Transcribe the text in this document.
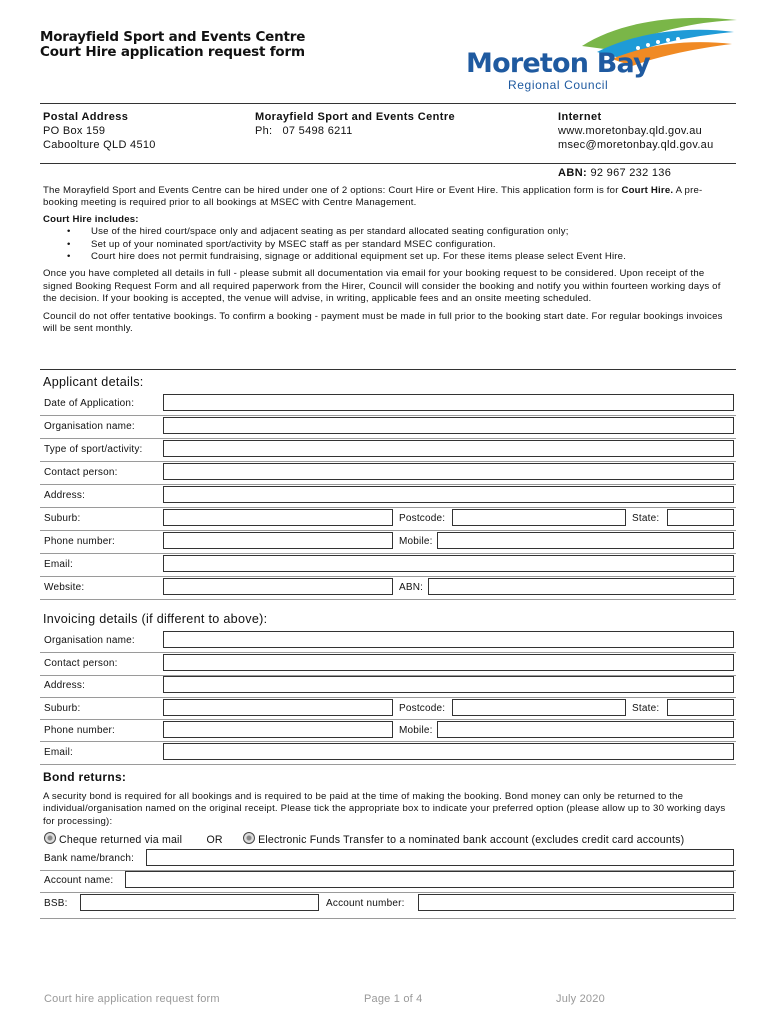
Morayfield Sport and Events Centre
Court Hire application request form	Moreton Bay
Regional Council
Postal Address
PO Box 159
Caboolture QLD 4510
Morayfield Sport and Events Centre
Ph:   07 5498 6211
Internet
www.moretonbay.qld.gov.au
msec@moretonbay.qld.gov.au
ABN: 92 967 232 136
The Morayfield Sport and Events Centre can be hired under one of 2 options: Court Hire or Event Hire. This application form is for Court Hire. A pre-booking meeting is required prior to all bookings at MSEC with Centre Management.
Court Hire includes:
• Use of the hired court/space only and adjacent seating as per standard allocated seating configuration only;
• Set up of your nominated sport/activity by MSEC staff as per standard MSEC configuration.
• Court hire does not permit fundraising, signage or additional equipment set up. For these items please select Event Hire.
Once you have completed all details in full - please submit all documentation via email for your booking request to be considered. Upon receipt of the signed Booking Request Form and all required paperwork from the Hirer, Council will consider the booking and notify you within fourteen working days of the decision. If your booking is accepted, the venue will advise, in writing, applicable fees and an onsite meeting scheduled.
Council do not offer tentative bookings. To confirm a booking - payment must be made in full prior to the booking start date. For regular bookings invoices will be sent monthly.
Applicant details:
Date of Application:
Organisation name:
Type of sport/activity:
Contact person:
Address:
Suburb:	Postcode:	State:
Phone number:	Mobile:
Email:
Website:	ABN:
Invoicing details (if different to above):
Organisation name:
Contact person:
Address:
Suburb:	Postcode:	State:
Phone number:	Mobile:
Email:
Bond returns:
A security bond is required for all bookings and is required to be paid at the time of making the booking. Bond money can only be returned to the individual/organisation named on the original receipt. Please tick the appropriate box to indicate your preferred option (please allow up to 30 working days for processing):
Cheque returned via mail OR	Electronic Funds Transfer to a nominated bank account (excludes credit card accounts)
Bank name/branch:
Account name:
BSB:	Account number:
Court hire application request form	Page 1 of 4	July 2020
